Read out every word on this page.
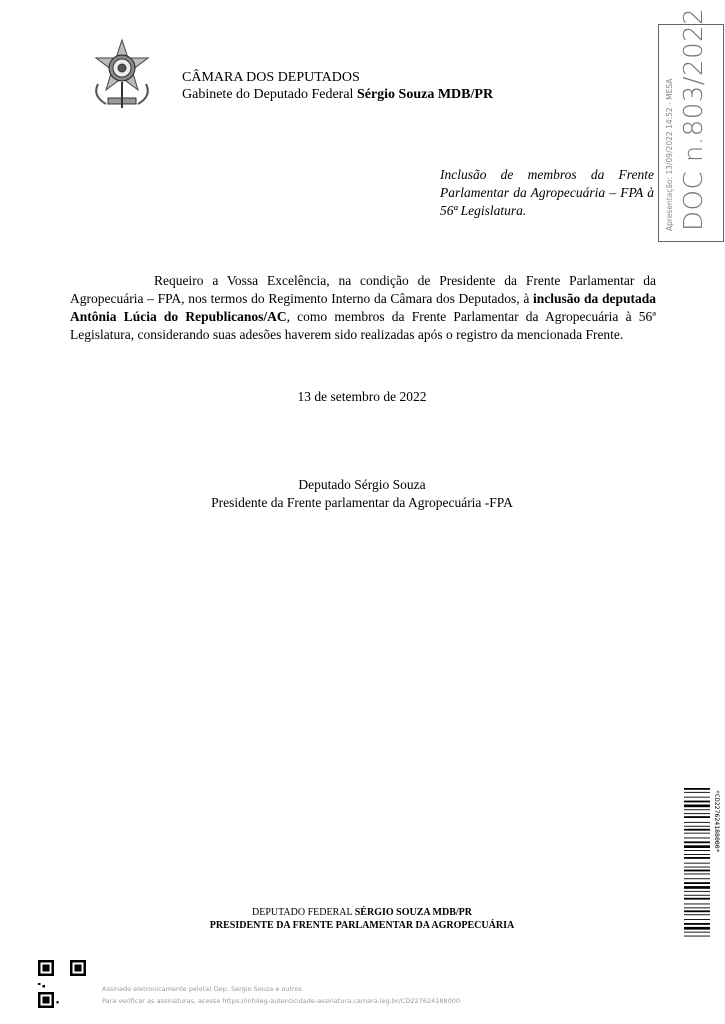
CÂMARA DOS DEPUTADOS
Gabinete do Deputado Federal Sérgio Souza MDB/PR	Apresentação: 13/09/2022 14:52 - MESA DOC n.803/2022
Inclusão de membros da Frente Parlamentar da Agropecuária – FPA à 56ª Legislatura.
Requeiro a Vossa Excelência, na condição de Presidente da Frente Parlamentar da Agropecuária – FPA, nos termos do Regimento Interno da Câmara dos Deputados, à inclusão da deputada Antônia Lúcia do Republicanos/AC, como membros da Frente Parlamentar da Agropecuária à 56ª Legislatura, considerando suas adesões haverem sido realizadas após o registro da mencionada Frente.
13 de setembro de 2022
Deputado Sérgio Souza
Presidente da Frente parlamentar da Agropecuária -FPA
*CD227624188000*
DEPUTADO FEDERAL SÉRGIO SOUZA MDB/PR
PRESIDENTE DA FRENTE PARLAMENTAR DA AGROPECUÁRIA
Assinado eletronicamente pelo(a) Dep. Sergio Souza e outros
Para verificar as assinaturas, acesse https://infoleg-autenticidade-assinatura.camara.leg.br/CD227624188000
